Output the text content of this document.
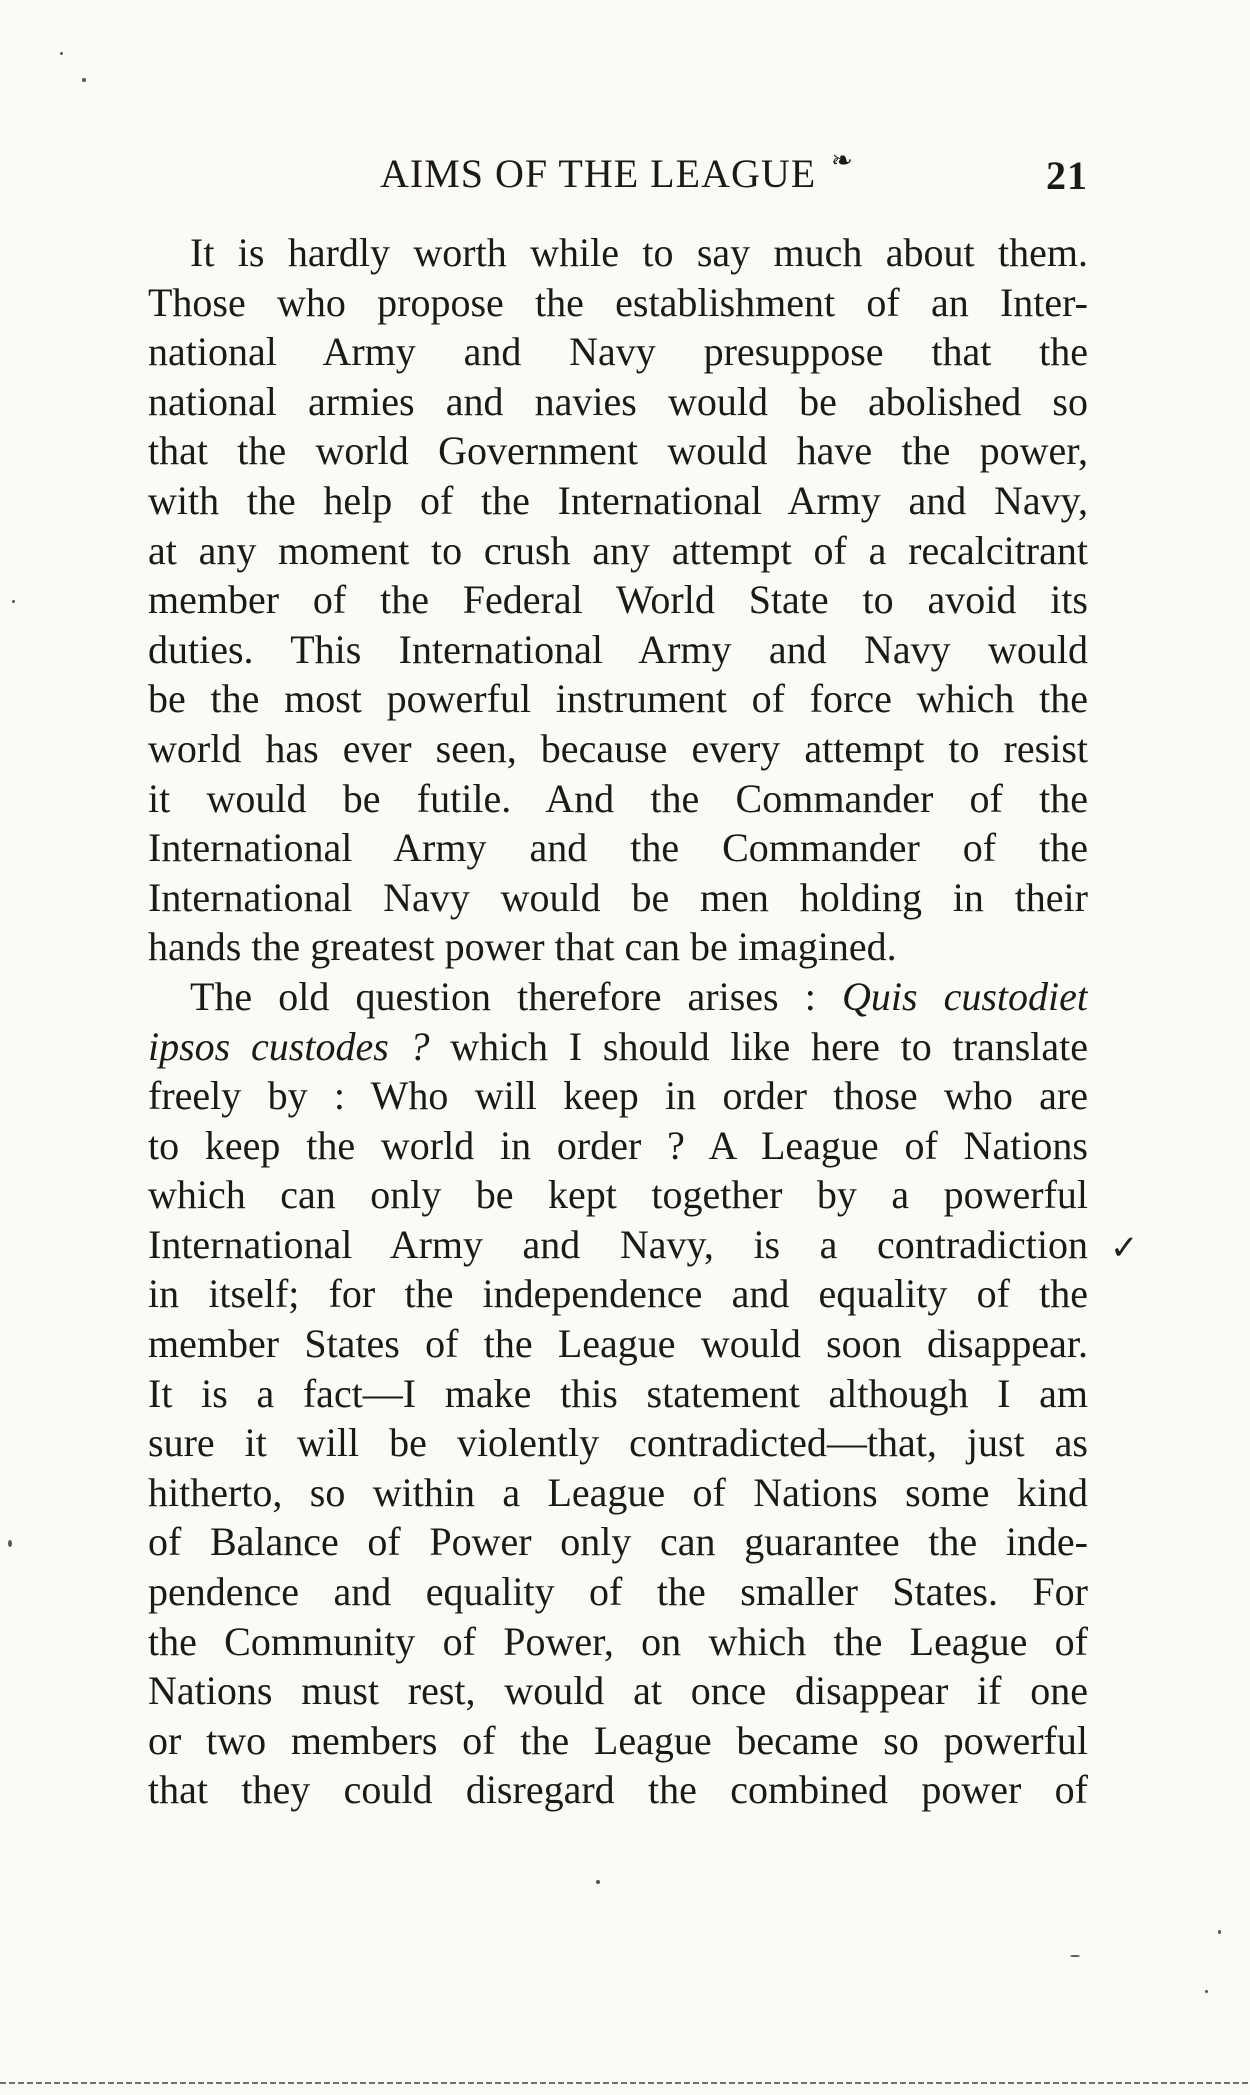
AIMS OF THE LEAGUE ❧	21
It is hardly worth while to say much about them.
Those who propose the establishment of an Inter-
national Army and Navy presuppose that the
national armies and navies would be abolished so
that the world Government would have the power,
with the help of the International Army and Navy,
at any moment to crush any attempt of a recalcitrant
member of the Federal World State to avoid its
duties. This International Army and Navy would
be the most powerful instrument of force which the
world has ever seen, because every attempt to resist
it would be futile. And the Commander of the
International Army and the Commander of the
International Navy would be men holding in their
hands the greatest power that can be imagined.
The old question therefore arises : Quis custodiet
ipsos custodes ? which I should like here to translate
freely by : Who will keep in order those who are
to keep the world in order ? A League of Nations
which can only be kept together by a powerful
International Army and Navy, is a contradiction
in itself; for the independence and equality of the
member States of the League would soon disappear.
It is a fact—I make this statement although I am
sure it will be violently contradicted—that, just as
hitherto, so within a League of Nations some kind
of Balance of Power only can guarantee the inde-
pendence and equality of the smaller States. For
the Community of Power, on which the League of
Nations must rest, would at once disappear if one
or two members of the League became so powerful
that they could disregard the combined power of
✓
